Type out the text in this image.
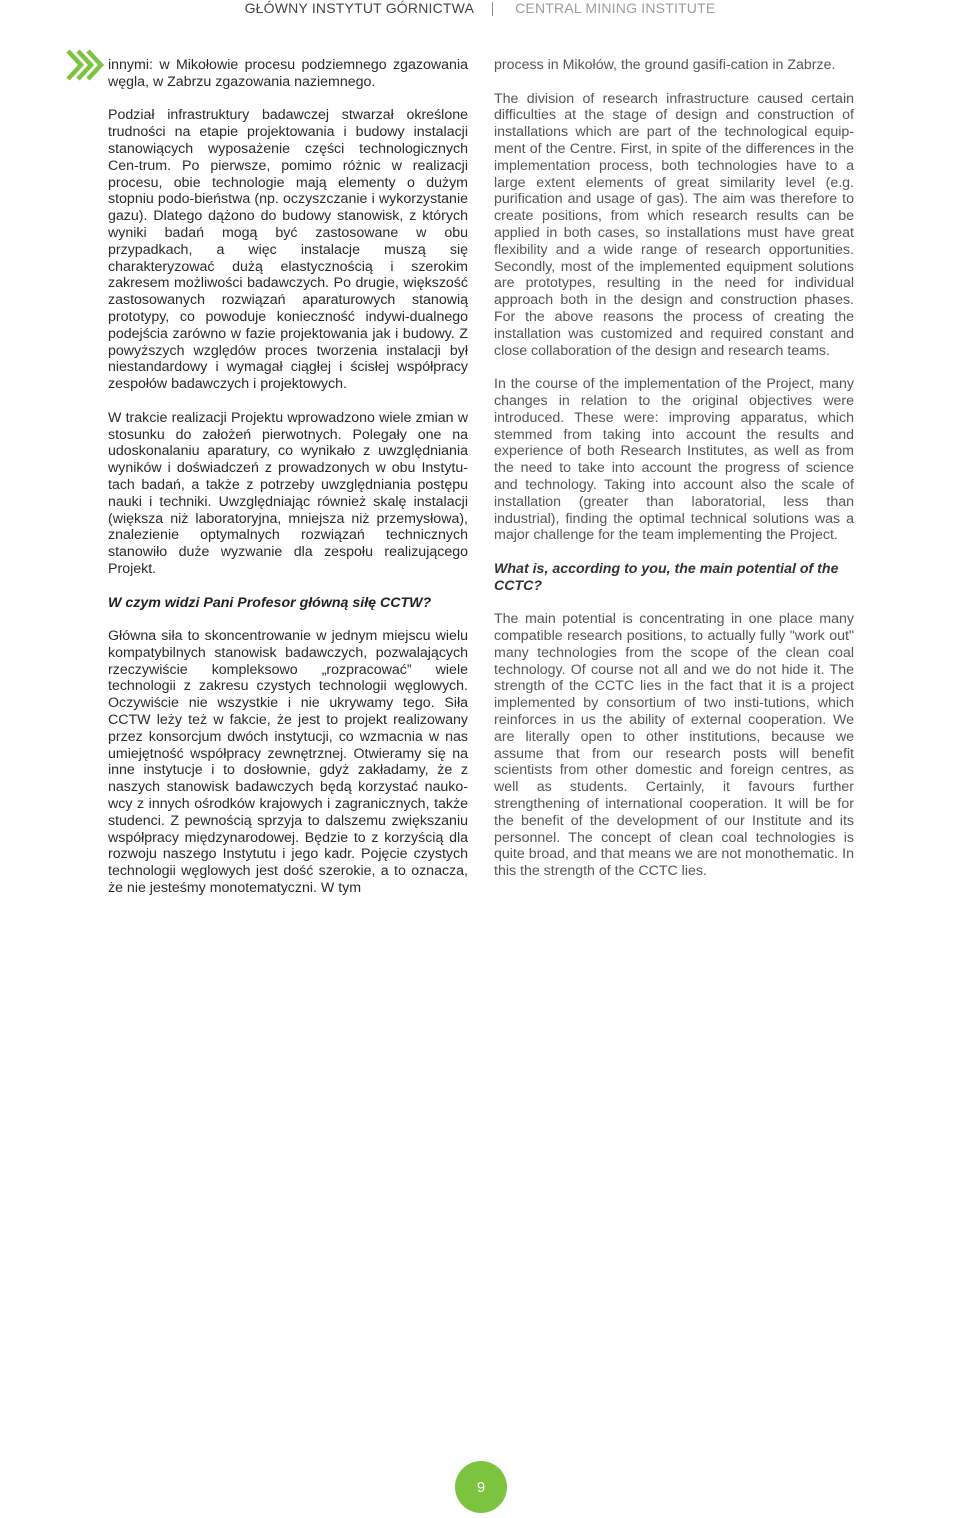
GŁÓWNY INSTYTUT GÓRNICTWA	CENTRAL MINING INSTITUTE

innymi: w Mikołowie procesu podziemnego zgazowania węgla, w Zabrzu zgazowania naziemnego.

Podział infrastruktury badawczej stwarzał określone trudności na etapie projektowania i budowy instalacji stanowiących wyposażenie części technologicznych Cen-trum. Po pierwsze, pomimo różnic w realizacji procesu, obie technologie mają elementy o dużym stopniu podo-bieństwa (np. oczyszczanie i wykorzystanie gazu). Dlatego dążono do budowy stanowisk, z których wyniki badań mogą być zastosowane w obu przypadkach, a więc instalacje muszą się charakteryzować dużą elastycznością i szerokim zakresem możliwości badawczych. Po drugie, większość zastosowanych rozwiązań aparaturowych stanowią prototypy, co powoduje konieczność indywi-dualnego podejścia zarówno w fazie projektowania jak i budowy. Z powyższych względów proces tworzenia instalacji był niestandardowy i wymagał ciągłej i ścisłej współpracy zespołów badawczych i projektowych.

W trakcie realizacji Projektu wprowadzono wiele zmian w stosunku do założeń pierwotnych. Polegały one na udoskonalaniu aparatury, co wynikało z uwzględniania wyników i doświadczeń z prowadzonych w obu Instytu-tach badań, a także z potrzeby uwzględniania postępu nauki i techniki. Uwzględniając również skalę instalacji (większa niż laboratoryjna, mniejsza niż przemysłowa), znalezienie optymalnych rozwiązań technicznych stanowiło duże wyzwanie dla zespołu realizującego Projekt.

W czym widzi Pani Profesor główną siłę CCTW?

Główna siła to skoncentrowanie w jednym miejscu wielu kompatybilnych stanowisk badawczych, pozwalających rzeczywiście kompleksowo „rozpracować” wiele technologii z zakresu czystych technologii węglowych. Oczywiście nie wszystkie i nie ukrywamy tego. Siła CCTW leży też w fakcie, że jest to projekt realizowany przez konsorcjum dwóch instytucji, co wzmacnia w nas umiejętność współpracy zewnętrznej. Otwieramy się na inne instytucje i to dosłownie, gdyż zakładamy, że z naszych stanowisk badawczych będą korzystać nauko-wcy z innych ośrodków krajowych i zagranicznych, także studenci. Z pewnością sprzyja to dalszemu zwiększaniu współpracy międzynarodowej. Będzie to z korzyścią dla rozwoju naszego Instytutu i jego kadr. Pojęcie czystych technologii węglowych jest dość szerokie, a to oznacza, że nie jesteśmy monotematyczni. W tym

process in Mikołów, the ground gasifi-cation in Zabrze.

The division of research infrastructure caused certain difficulties at the stage of design and construction of installations which are part of the technological equip-ment of the Centre. First, in spite of the differences in the implementation process, both technologies have to a large extent elements of great similarity level (e.g. purification and usage of gas). The aim was therefore to create positions, from which research results can be applied in both cases, so installations must have great flexibility and a wide range of research opportunities. Secondly, most of the implemented equipment solutions are prototypes, resulting in the need for individual approach both in the design and construction phases. For the above reasons the process of creating the installation was customized and required constant and close collaboration of the design and research teams.

In the course of the implementation of the Project, many changes in relation to the original objectives were introduced. These were: improving apparatus, which stemmed from taking into account the results and experience of both Research Institutes, as well as from the need to take into account the progress of science and technology. Taking into account also the scale of installation (greater than laboratorial, less than industrial), finding the optimal technical solutions was a major challenge for the team implementing the Project.

What is, according to you, the main potential of the CCTC?

The main potential is concentrating in one place many compatible research positions, to actually fully "work out" many technologies from the scope of the clean coal technology. Of course not all and we do not hide it. The strength of the CCTC lies in the fact that it is a project implemented by consortium of two insti-tutions, which reinforces in us the ability of external cooperation. We are literally open to other institutions, because we assume that from our research posts will benefit scientists from other domestic and foreign centres, as well as students. Certainly, it favours further strengthening of international cooperation. It will be for the benefit of the development of our Institute and its personnel. The concept of clean coal technologies is quite broad, and that means we are not monothematic. In this the strength of the CCTC lies.

9
